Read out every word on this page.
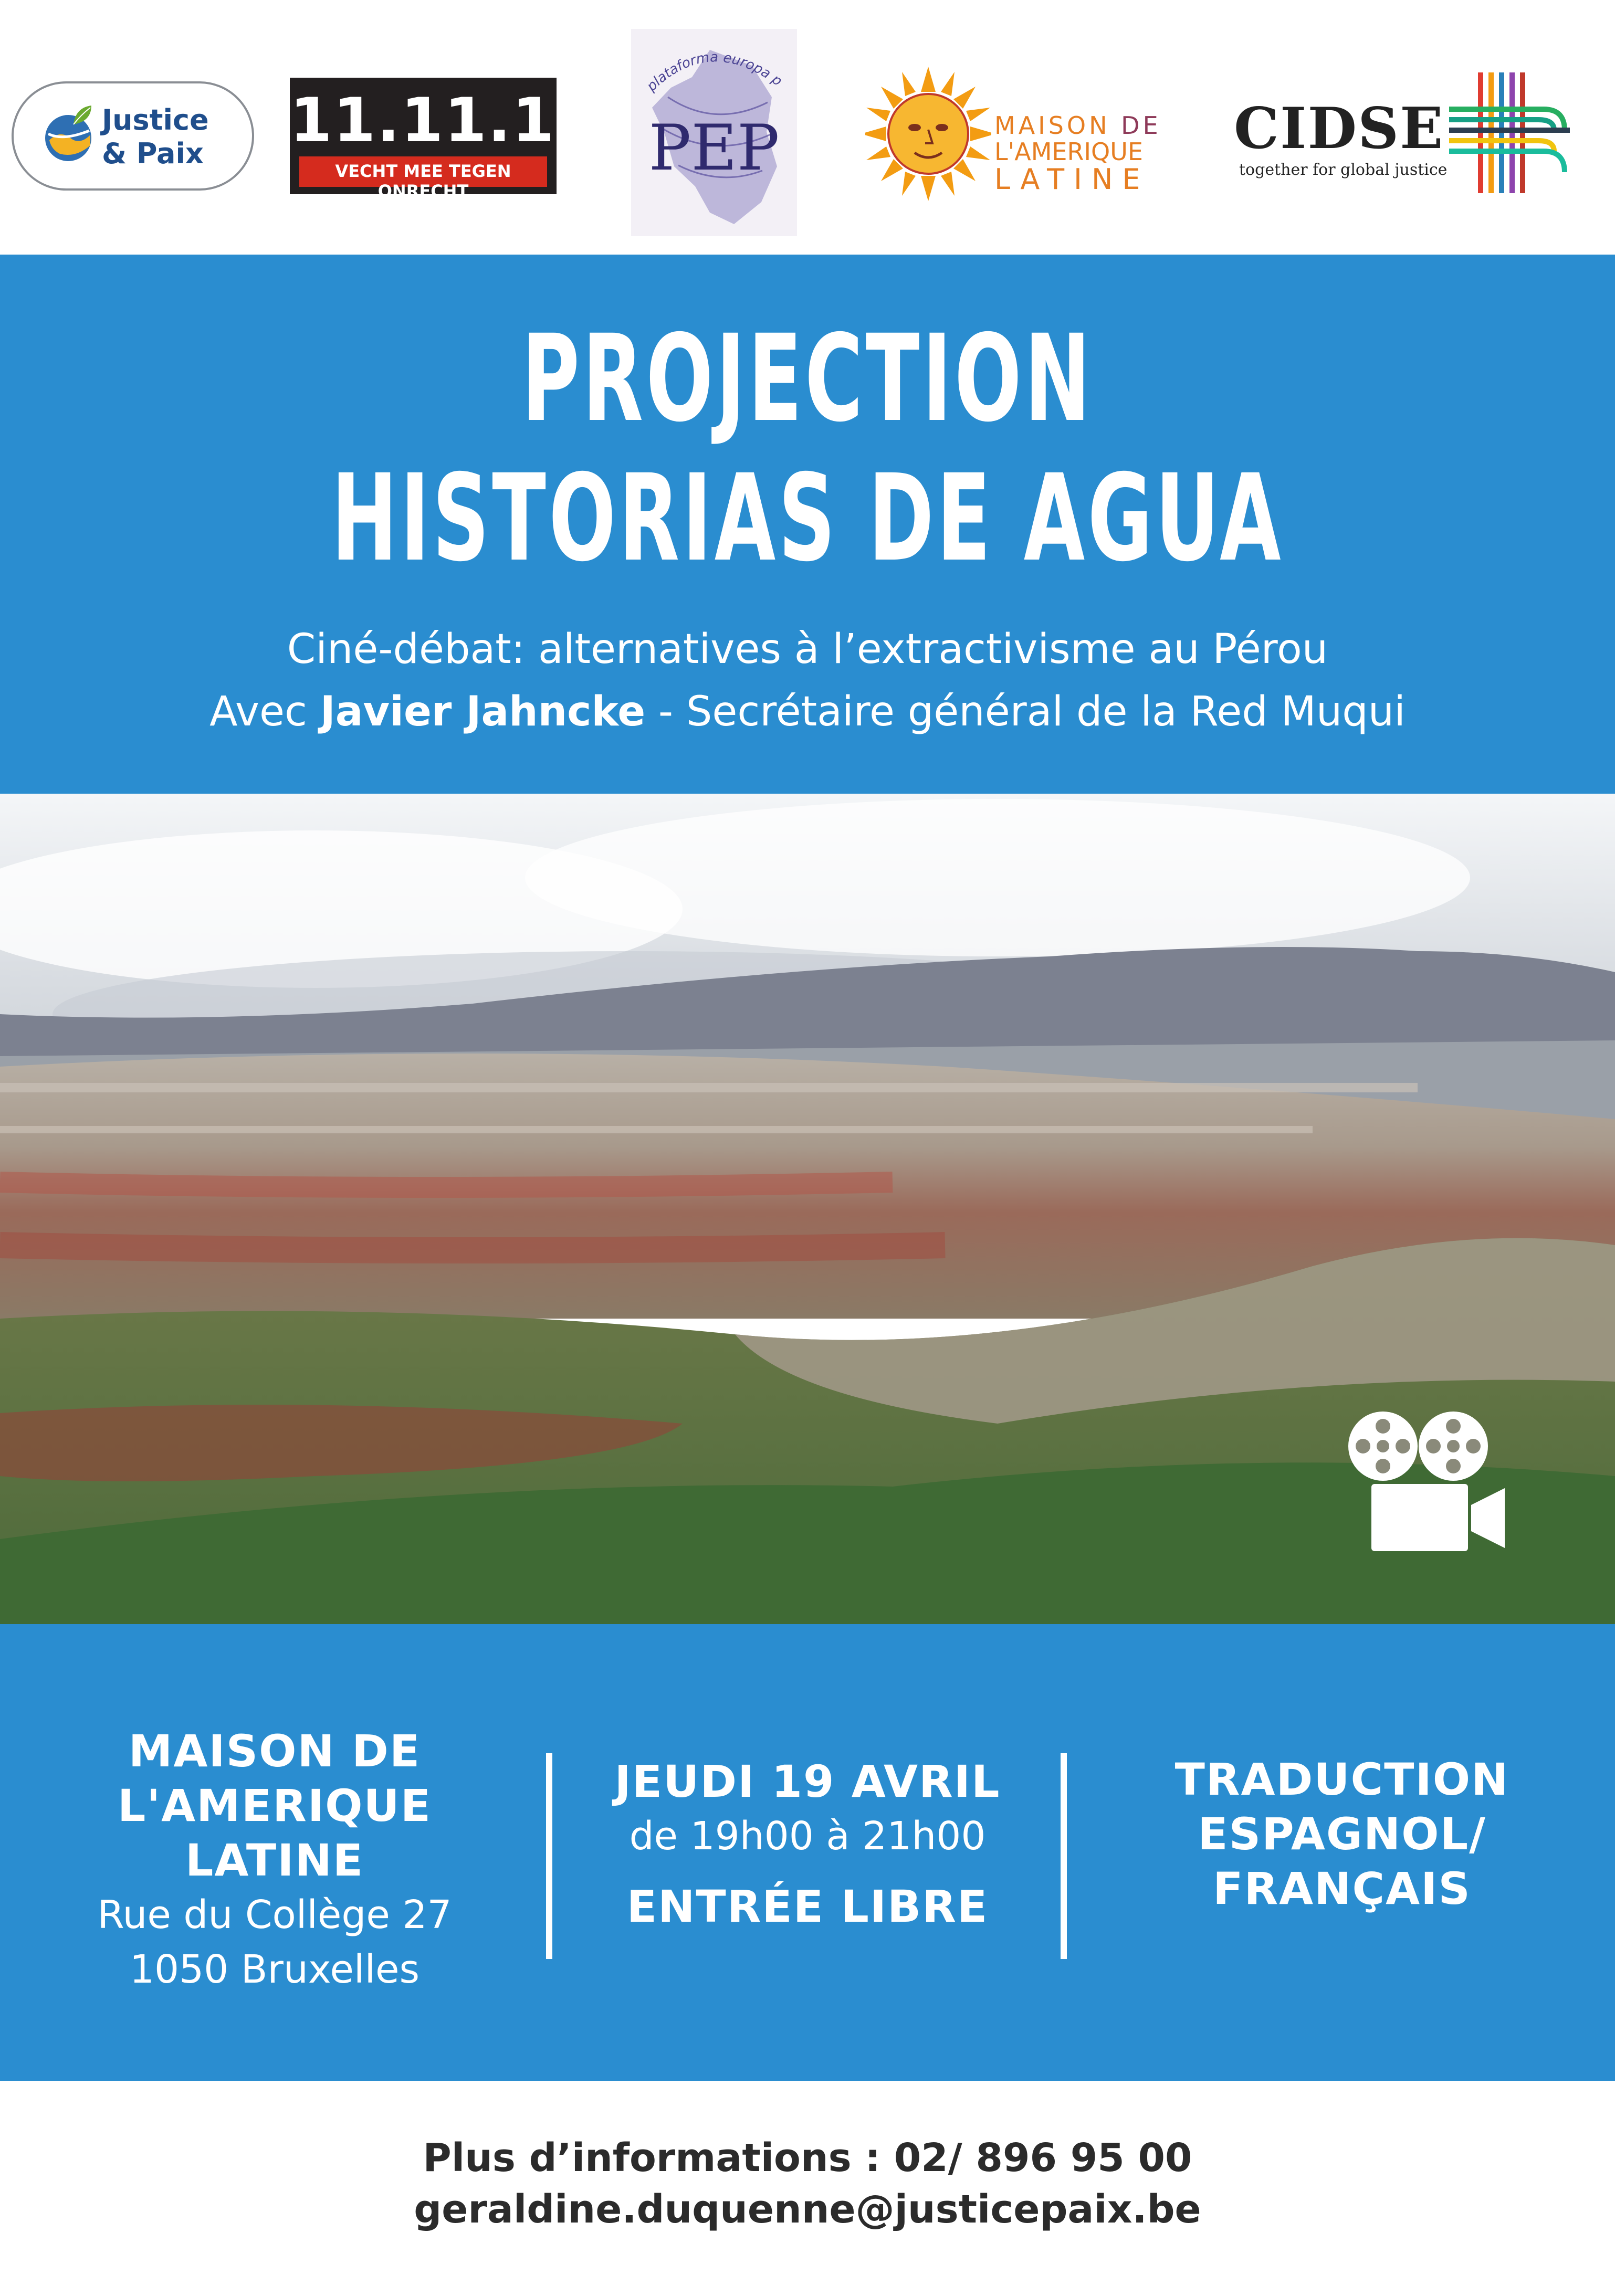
Justice
& Paix 11.11.11
VECHT MEE TEGEN ONRECHT
plataforma europa p
PEP	MAISON DE
L'AMERIQUE
LATINE
CIDSE
together for global justice
PROJECTION
HISTORIAS DE AGUA
Ciné-débat: alternatives à l’extractivisme au Pérou
Avec Javier Jahncke - Secrétaire général de la Red Muqui
MAISON DE
L'AMERIQUE
LATINE
Rue du Collège 27
1050 Bruxelles
JEUDI 19 AVRIL
de 19h00 à 21h00
ENTRÉE LIBRE
TRADUCTION
ESPAGNOL/
FRANÇAIS
Plus d’informations : 02/ 896 95 00
geraldine.duquenne@justicepaix.be
